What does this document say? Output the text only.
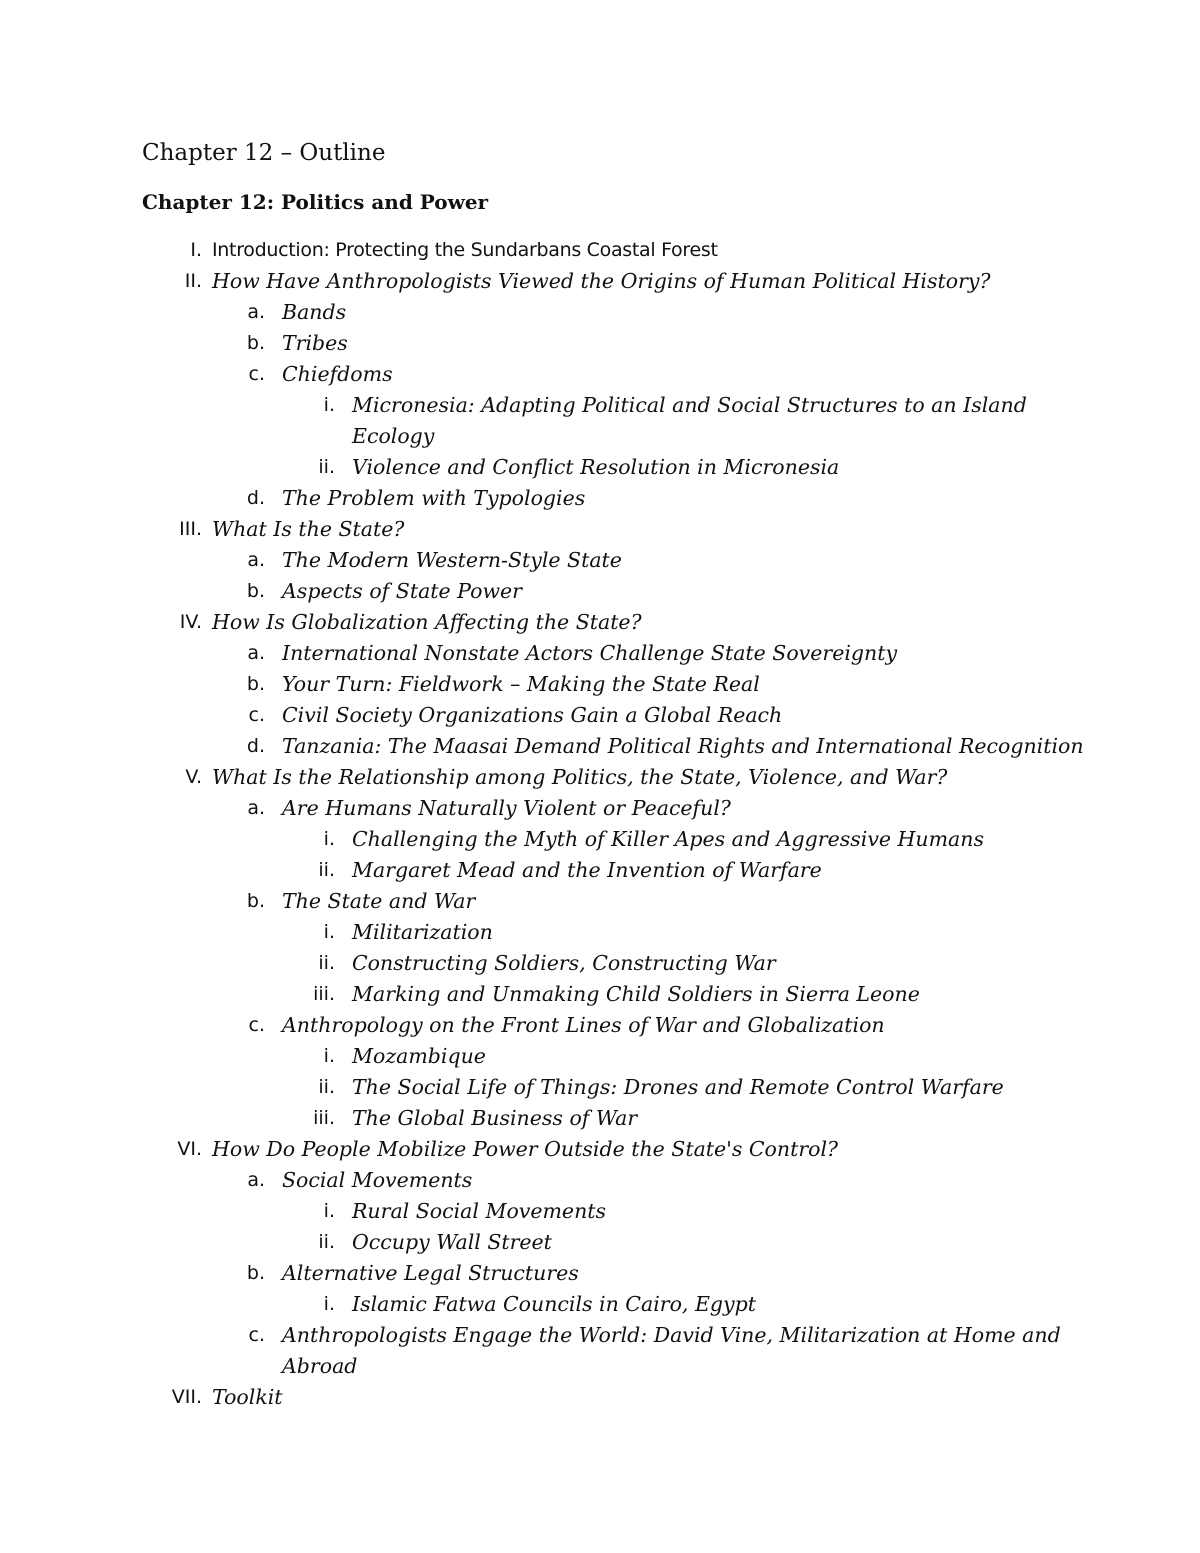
Chapter 12 – Outline
Chapter 12: Politics and Power
I. Introduction: Protecting the Sundarbans Coastal Forest
II. How Have Anthropologists Viewed the Origins of Human Political History?
a. Bands
b. Tribes
c. Chiefdoms
i. Micronesia: Adapting Political and Social Structures to an Island
Ecology
ii. Violence and Conflict Resolution in Micronesia
d. The Problem with Typologies
III. What Is the State?
a. The Modern Western-Style State
b. Aspects of State Power
IV. How Is Globalization Affecting the State?
a. International Nonstate Actors Challenge State Sovereignty
b. Your Turn: Fieldwork – Making the State Real
c. Civil Society Organizations Gain a Global Reach
d. Tanzania: The Maasai Demand Political Rights and International Recognition
V. What Is the Relationship among Politics, the State, Violence, and War?
a. Are Humans Naturally Violent or Peaceful?
i. Challenging the Myth of Killer Apes and Aggressive Humans
ii. Margaret Mead and the Invention of Warfare
b. The State and War
i. Militarization
ii. Constructing Soldiers, Constructing War
iii. Marking and Unmaking Child Soldiers in Sierra Leone
c. Anthropology on the Front Lines of War and Globalization
i. Mozambique
ii. The Social Life of Things: Drones and Remote Control Warfare
iii. The Global Business of War
VI. How Do People Mobilize Power Outside the State's Control?
a. Social Movements
i. Rural Social Movements
ii. Occupy Wall Street
b. Alternative Legal Structures
i. Islamic Fatwa Councils in Cairo, Egypt
c. Anthropologists Engage the World: David Vine, Militarization at Home and
Abroad
VII. Toolkit
